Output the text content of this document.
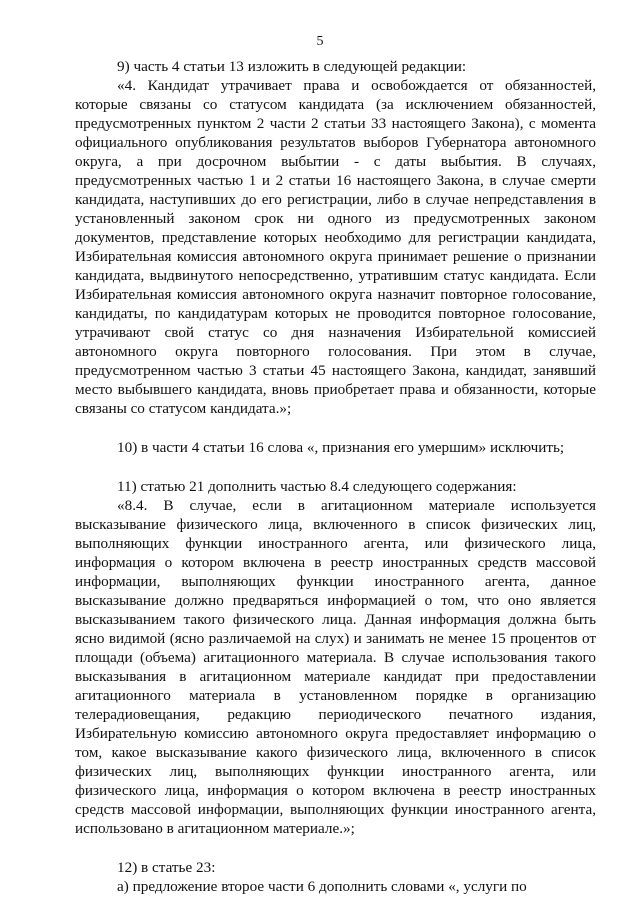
5

9) часть 4 статьи 13 изложить в следующей редакции:

«4. Кандидат утрачивает права и освобождается от обязанностей, которые связаны со статусом кандидата (за исключением обязанностей, предусмотренных пунктом 2 части 2 статьи 33 настоящего Закона), с момента официального опубликования результатов выборов Губернатора автономного округа, а при досрочном выбытии - с даты выбытия. В случаях, предусмотренных частью 1 и 2 статьи 16 настоящего Закона, в случае смерти кандидата, наступивших до его регистрации, либо в случае непредставления в установленный законом срок ни одного из предусмотренных законом документов, представление которых необходимо для регистрации кандидата, Избирательная комиссия автономного округа принимает решение о признании кандидата, выдвинутого непосредственно, утратившим статус кандидата. Если Избирательная комиссия автономного округа назначит повторное голосование, кандидаты, по кандидатурам которых не проводится повторное голосование, утрачивают свой статус со дня назначения Избирательной комиссией автономного округа повторного голосования. При этом в случае, предусмотренном частью 3 статьи 45 настоящего Закона, кандидат, занявший место выбывшего кандидата, вновь приобретает права и обязанности, которые связаны со статусом кандидата.»;

10) в части 4 статьи 16 слова «, признания его умершим» исключить;

11) статью 21 дополнить частью 8.4 следующего содержания:

«8.4. В случае, если в агитационном материале используется высказывание физического лица, включенного в список физических лиц, выполняющих функции иностранного агента, или физического лица, информация о котором включена в реестр иностранных средств массовой информации, выполняющих функции иностранного агента, данное высказывание должно предваряться информацией о том, что оно является высказыванием такого физического лица. Данная информация должна быть ясно видимой (ясно различаемой на слух) и занимать не менее 15 процентов от площади (объема) агитационного материала. В случае использования такого высказывания в агитационном материале кандидат при предоставлении агитационного материала в установленном порядке в организацию телерадиовещания, редакцию периодического печатного издания, Избирательную комиссию автономного округа предоставляет информацию о том, какое высказывание какого физического лица, включенного в список физических лиц, выполняющих функции иностранного агента, или физического лица, информация о котором включена в реестр иностранных средств массовой информации, выполняющих функции иностранного агента, использовано в агитационном материале.»;

12) в статье 23:

а) предложение второе части 6 дополнить словами «, услуги по
